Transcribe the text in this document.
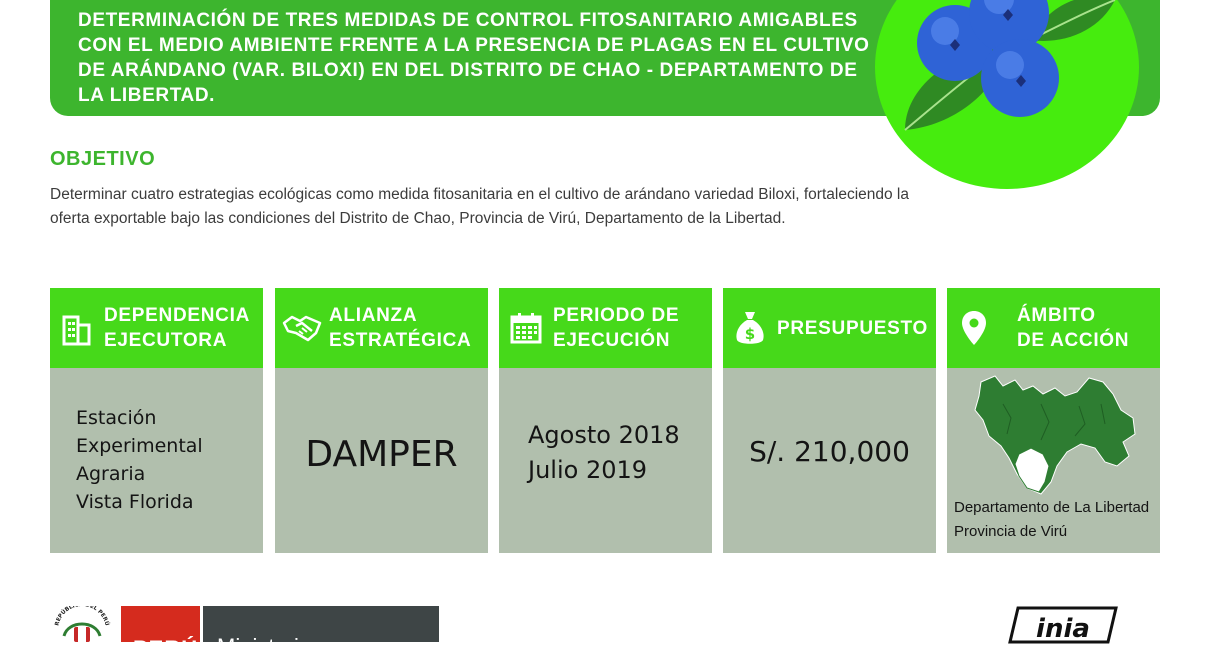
DETERMINACIÓN DE TRES MEDIDAS DE CONTROL FITOSANITARIO AMIGABLES CON EL MEDIO AMBIENTE FRENTE A LA PRESENCIA DE PLAGAS EN EL CULTIVO DE ARÁNDANO (VAR. BILOXI) EN DEL DISTRITO DE CHAO - DEPARTAMENTO DE LA LIBERTAD.
OBJETIVO

Determinar cuatro estrategias ecológicas como medida fitosanitaria en el cultivo de arándano variedad Biloxi, fortaleciendo la oferta exportable bajo las condiciones del Distrito de Chao, Provincia de Virú, Departamento de la Libertad.

DEPENDENCIA
EJECUTORA
Estación
Experimental
Agraria
Vista Florida
ALIANZA
ESTRATÉGICA
DAMPER
PERIODO DE
EJECUCIÓN
Agosto 2018
Julio 2019
$ PRESUPUESTO
S/. 210,000
ÁMBITO
DE ACCIÓN
Departamento de La Libertad
Provincia de Virú
REPÚBLI EL PERÚ
PERÚ Ministerio
inia
